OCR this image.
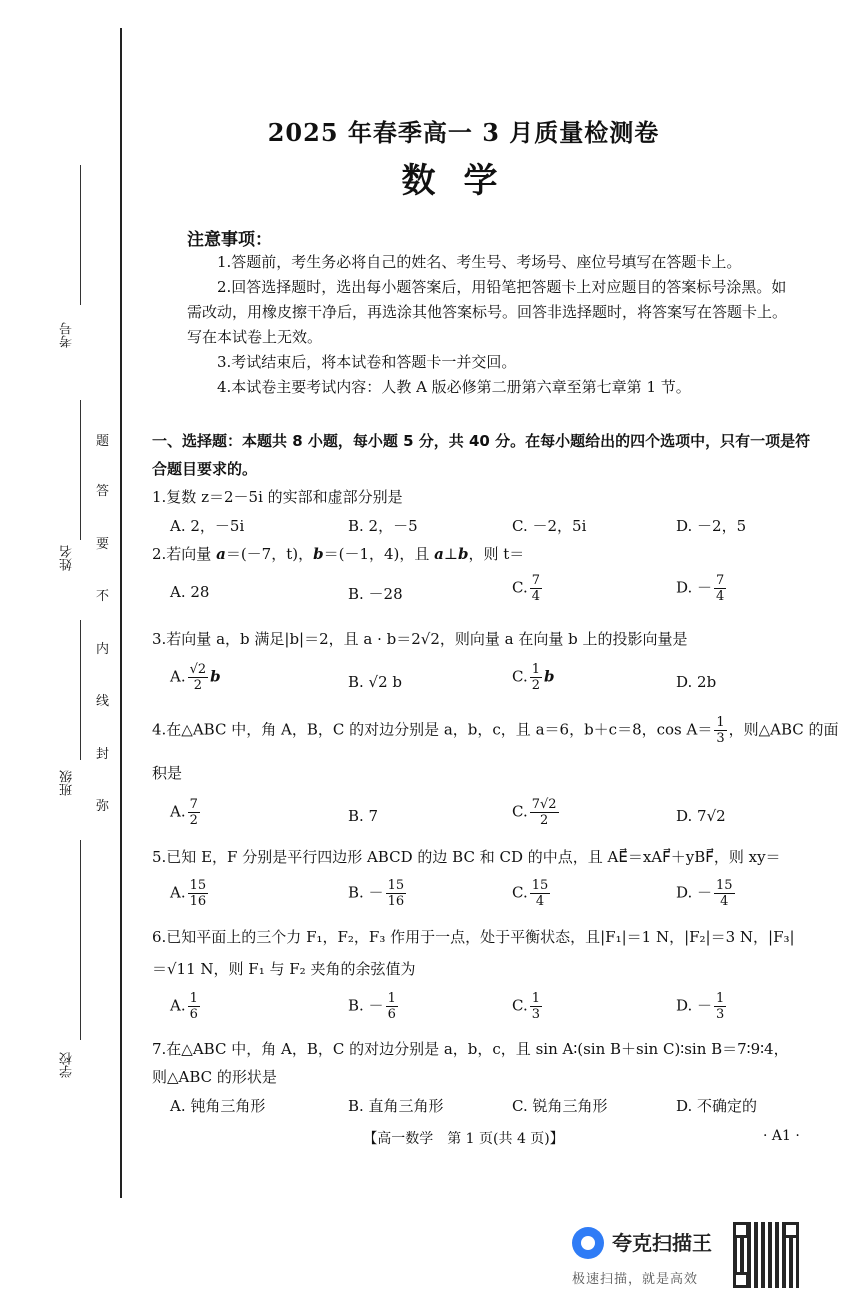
考号
姓名
班级
学校
题
答
要
不
内
线
封
弥
2025 年春季高一 3 月质量检测卷
数学
注意事项：
1.答题前，考生务必将自己的姓名、考生号、考场号、座位号填写在答题卡上。
2.回答选择题时，选出每小题答案后，用铅笔把答题卡上对应题目的答案标号涂黑。如需改动，用橡皮擦干净后，再选涂其他答案标号。回答非选择题时，将答案写在答题卡上。写在本试卷上无效。
3.考试结束后，将本试卷和答题卡一并交回。
4.本试卷主要考试内容：人教 A 版必修第二册第六章至第七章第 1 节。
一、选择题：本题共 8 小题，每小题 5 分，共 40 分。在每小题给出的四个选项中，只有一项是符合题目要求的。
1.复数 z＝2－5i 的实部和虚部分别是
A. 2，－5i	B. 2，－5	C. －2，5i	D. －2，5
2.若向量 a＝(－7，t)，b＝(－1，4)，且 a⊥b，则 t＝
A. 28	B. －28	C. $\frac{7}{4}$	D. － $\frac{7}{4}$
3.若向量 a，b 满足|b|＝2，且 a · b＝2√2，则向量 a 在向量 b 上的投影向量是
A. $\frac{√2}{2}$ b	B. √2 b	C. $\frac{1}{2}$ b	D. 2b
4.在△ABC 中，角 A，B，C 的对边分别是 a，b，c，且 a＝6，b＋c＝8，$\cos A= \frac{1}{3}$ ，则△ABC 的面
积是
A. $\frac{7}{2}$	B. 7	C. $\frac{7√2}{2}$	D. 7√2
5.已知 E，F 分别是平行四边形 ABCD 的边 BC 和 CD 的中点，且 AE⃗＝xAF⃗＋yBF⃗，则 xy＝
A. $\frac{15}{16}$	B. － $\frac{15}{16}$	C. $\frac{15}{4}$	D. － $\frac{15}{4}$
6.已知平面上的三个力 F₁，F₂，F₃ 作用于一点，处于平衡状态，且|F₁|＝1 N，|F₂|＝3 N，|F₃|
＝√11 N，则 F₁ 与 F₂ 夹角的余弦值为
A. $\frac{1}{6}$	B. － $\frac{1}{6}$	C. $\frac{1}{3}$	D. － $\frac{1}{3}$
7.在△ABC 中，角 A，B，C 的对边分别是 a，b，c，且 sin A∶(sin B＋sin C)∶sin B＝7∶9∶4，
则△ABC 的形状是
A. 钝角三角形	B. 直角三角形	C. 锐角三角形	D. 不确定的
【高一数学　第 1 页(共 4 页)】	· A1 ·
夸克扫描王
极速扫描，就是高效
